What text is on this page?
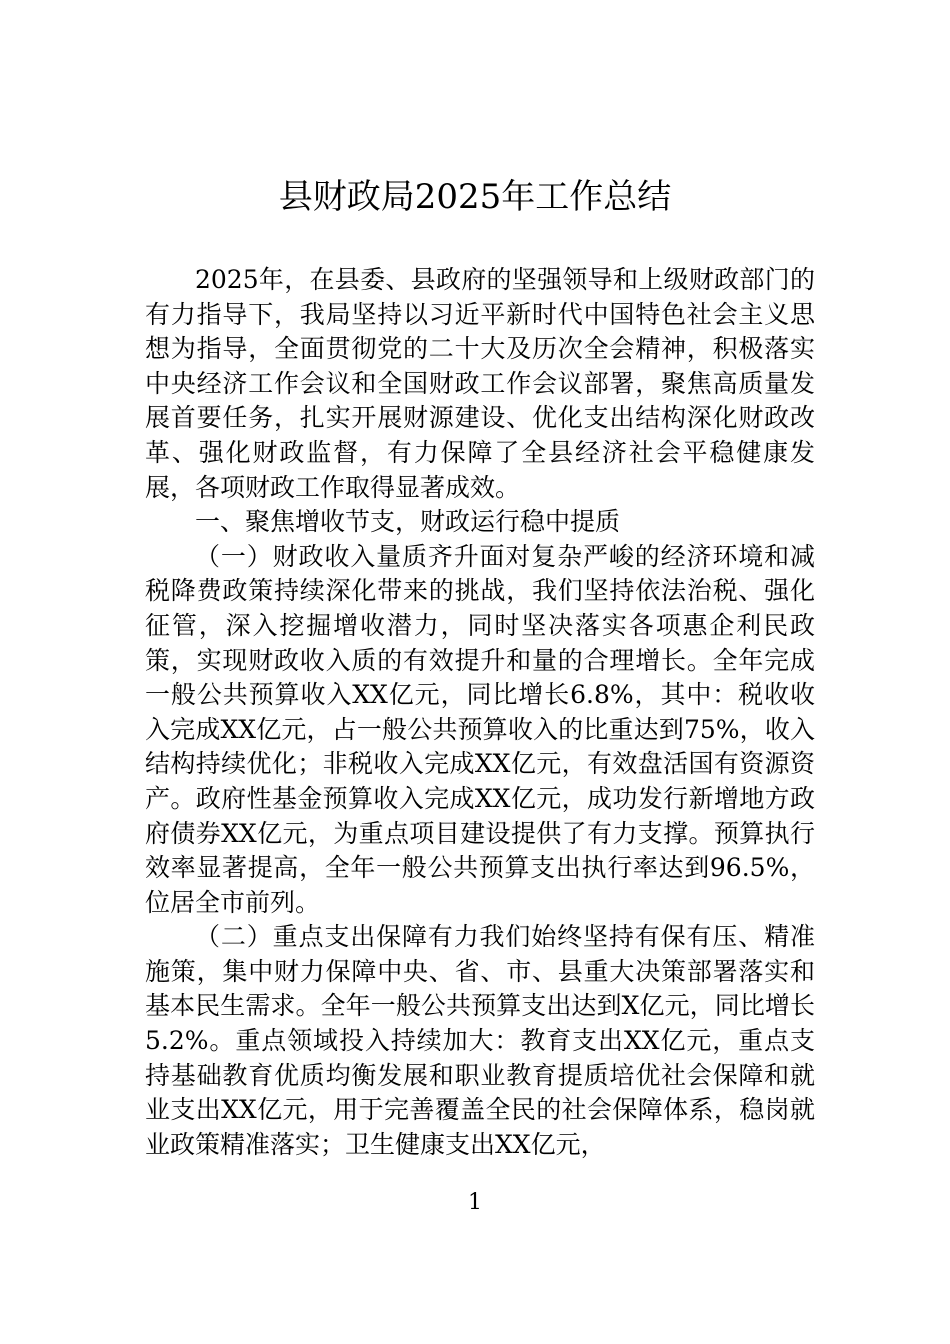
县财政局2025年工作总结

2025年，在县委、县政府的坚强领导和上级财政部门的有力指导下，我局坚持以习近平新时代中国特色社会主义思想为指导，全面贯彻党的二十大及历次全会精神，积极落实中央经济工作会议和全国财政工作会议部署，聚焦高质量发展首要任务，扎实开展财源建设、优化支出结构深化财政改革、强化财政监督，有力保障了全县经济社会平稳健康发展，各项财政工作取得显著成效。

一、聚焦增收节支，财政运行稳中提质

（一）财政收入量质齐升面对复杂严峻的经济环境和减税降费政策持续深化带来的挑战，我们坚持依法治税、强化征管，深入挖掘增收潜力，同时坚决落实各项惠企利民政策，实现财政收入质的有效提升和量的合理增长。全年完成一般公共预算收入XX亿元，同比增长6.8%，其中：税收收入完成XX亿元，占一般公共预算收入的比重达到75%，收入结构持续优化；非税收入完成XX亿元，有效盘活国有资源资产。政府性基金预算收入完成XX亿元，成功发行新增地方政府债券XX亿元，为重点项目建设提供了有力支撑。预算执行效率显著提高，全年一般公共预算支出执行率达到96.5%，位居全市前列。

（二）重点支出保障有力我们始终坚持有保有压、精准施策，集中财力保障中央、省、市、县重大决策部署落实和基本民生需求。全年一般公共预算支出达到X亿元，同比增长5.2%。重点领域投入持续加大：教育支出XX亿元，重点支持基础教育优质均衡发展和职业教育提质培优社会保障和就业支出XX亿元，用于完善覆盖全民的社会保障体系，稳岗就业政策精准落实；卫生健康支出XX亿元，

1
